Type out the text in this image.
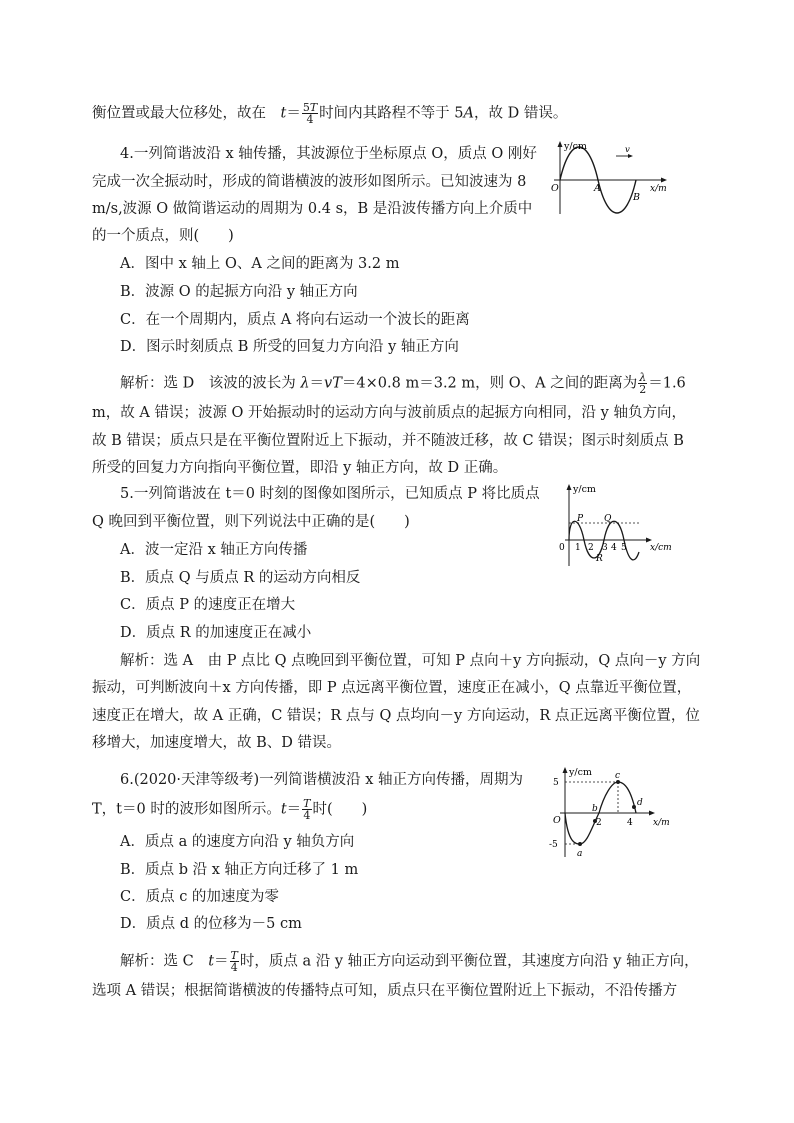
衡位置或最大位移处，故在　$t= \frac{5T}{4}$ 时间内其路程不等于 5A，故 D 错误。
4.一列简谐波沿 x 轴传播，其波源位于坐标原点 O，质点 O 刚好
完成一次全振动时，形成的简谐横波的波形如图所示。已知波速为 8
m/s,波源 O 做简谐运动的周期为 0.4 s，B 是沿波传播方向上介质中
的一个质点，则(　　)
A．图中 x 轴上 O、A 之间的距离为 3.2 m
B．波源 O 的起振方向沿 y 轴正方向
C．在一个周期内，质点 A 将向右运动一个波长的距离
D．图示时刻质点 B 所受的回复力方向沿 y 轴正方向
解析：选 D　该波的波长为 λ＝vT＝4×0.8 m＝3.2 m，则 O、A 之间的距离为 $\frac{\lambda}{2} =1.6$
m，故 A 错误；波源 O 开始振动时的运动方向与波前质点的起振方向相同，沿 y 轴负方向，
故 B 错误；质点只是在平衡位置附近上下振动，并不随波迁移，故 C 错误；图示时刻质点 B
所受的回复力方向指向平衡位置，即沿 y 轴正方向，故 D 正确。
y/cm	v
O	A
B
x/m
5.一列简谐波在 t＝0 时刻的图像如图所示，已知质点 P 将比质点
Q 晚回到平衡位置，则下列说法中正确的是(　　)
A．波一定沿 x 轴正方向传播
B．质点 Q 与质点 R 的运动方向相反
C．质点 P 的速度正在增大
D．质点 R 的加速度正在减小
解析：选 A　由 P 点比 Q 点晚回到平衡位置，可知 P 点向＋y 方向振动，Q 点向－y 方向
振动，可判断波向＋x 方向传播，即 P 点远离平衡位置，速度正在减小，Q 点靠近平衡位置，
速度正在增大，故 A 正确，C 错误；R 点与 Q 点均向－y 方向运动，R 点正远离平衡位置，位
移增大，加速度增大，故 B、D 错误。
y/cm
P Q
R
0 1 2 3 4 5	x/cm
6.(2020·天津等级考)一列简谐横波沿 x 轴正方向传播，周期为
T，t＝0 时的波形如图所示。$t= \frac{T}{4}$ 时(　　)
A．质点 a 的速度方向沿 y 轴负方向
B．质点 b 沿 x 轴正方向迁移了 1 m
C．质点 c 的加速度为零
D．质点 d 的位移为－5 cm
解析：选 C　$t= \frac{T}{4}$ 时，质点 a 沿 y 轴正方向运动到平衡位置，其速度方向沿 y 轴正方向，
选项 A 错误；根据简谐横波的传播特点可知，质点只在平衡位置附近上下振动，不沿传播方
y/cm
5
-5
O	2	4
a
b
c
d
x/m
